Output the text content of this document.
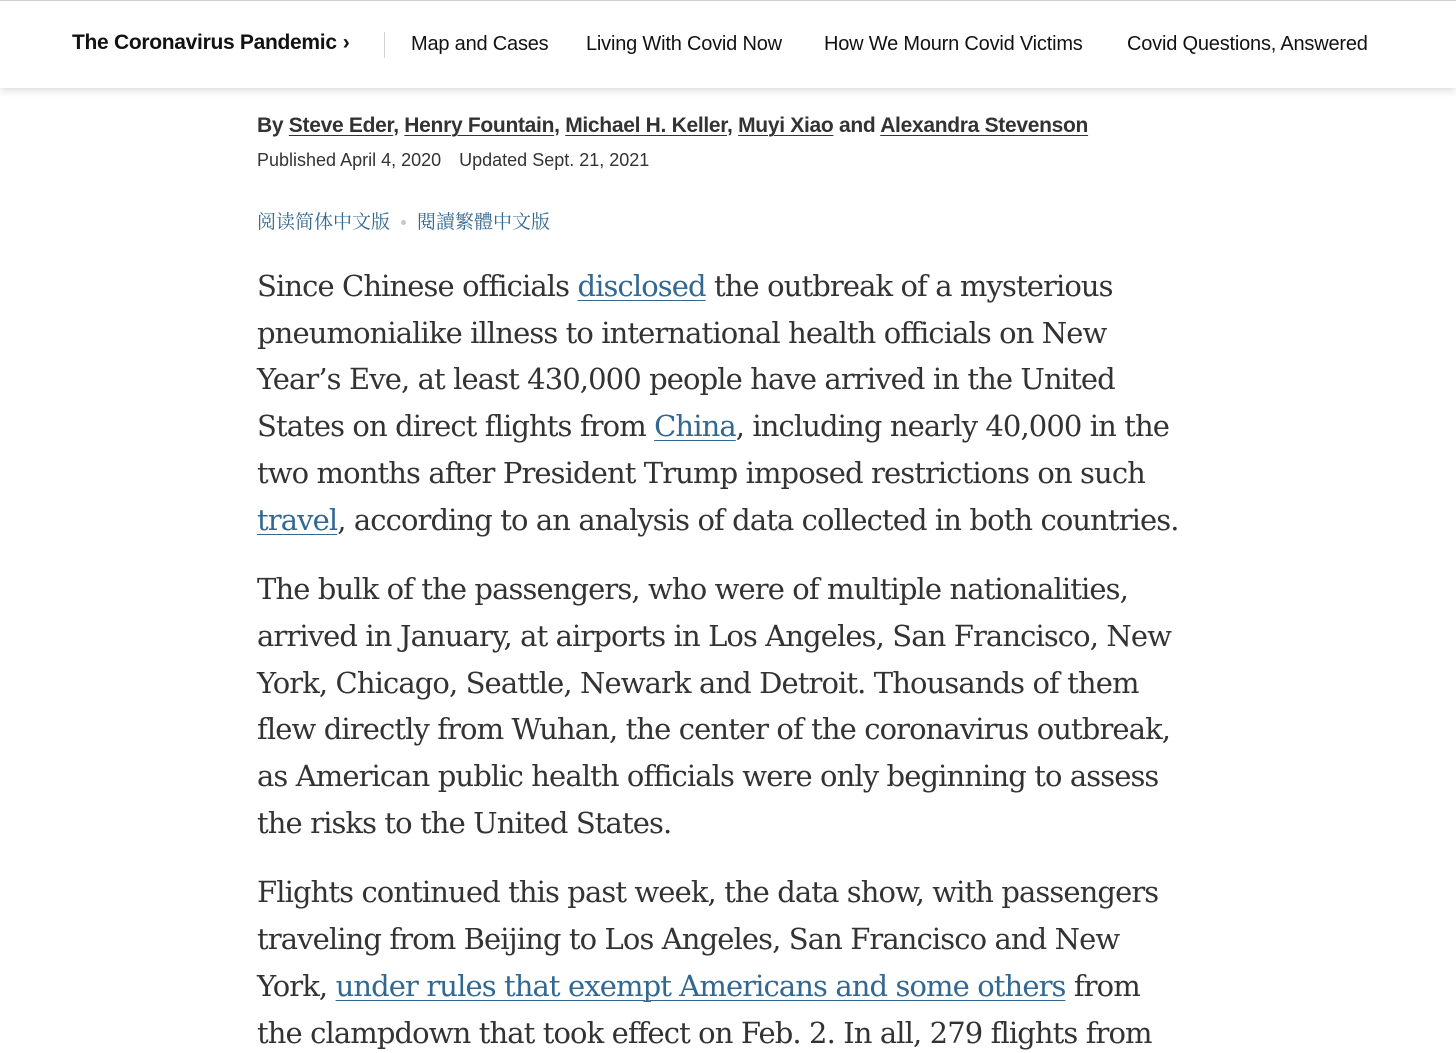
The Coronavirus Pandemic ›	Map and Cases Living With Covid Now How We Mourn Covid Victims Covid Questions, Answered
By Steve Eder, Henry Fountain, Michael H. Keller, Muyi Xiao and Alexandra Stevenson
Published April 4, 2020 Updated Sept. 21, 2021
阅读简体中文版 閱讀繁體中文版

Since Chinese officials disclosed the outbreak of a mysterious
pneumonialike illness to international health officials on New
Year’s Eve, at least 430,000 people have arrived in the United
States on direct flights from China, including nearly 40,000 in the
two months after President Trump imposed restrictions on such
travel, according to an analysis of data collected in both countries.

The bulk of the passengers, who were of multiple nationalities,
arrived in January, at airports in Los Angeles, San Francisco, New
York, Chicago, Seattle, Newark and Detroit. Thousands of them
flew directly from Wuhan, the center of the coronavirus outbreak,
as American public health officials were only beginning to assess
the risks to the United States.

Flights continued this past week, the data show, with passengers
traveling from Beijing to Los Angeles, San Francisco and New
York, under rules that exempt Americans and some others from
the clampdown that took effect on Feb. 2. In all, 279 flights from
